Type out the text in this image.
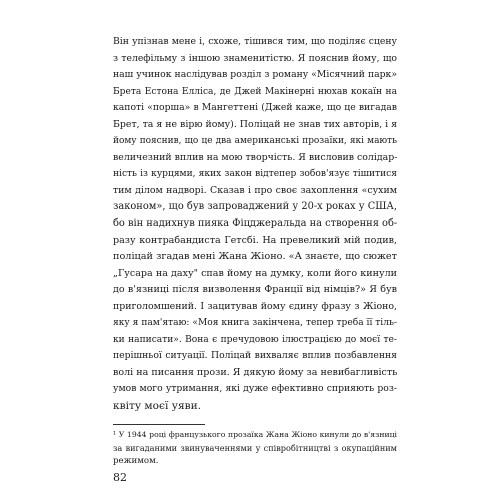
Він упізнав мене і, схоже, тішився тим, що поділяє сцену
з телефільму з іншою знаменитістю. Я пояснив йому, що
наш учинок наслідував розділ з роману «Місячний парк»
Брета Естона Елліса, де Джей Макінерні нюхав кокаїн на
капоті «порша» в Мангеттені (Джей каже, що це вигадав
Брет, та я не вірю йому). Поліцай не знав тих авторів, і я
йому пояснив, що це два американські прозаїки, які мають
величезний вплив на мою творчість. Я висловив солідар-
ність із курцями, яких закон відтепер зобов'язує тішитися
тим ділом надворі. Сказав і про своє захоплення «сухим
законом», що був запроваджений у 20-х роках у США,
бо він надихнув пияка Фіцджеральда на створення об-
разу контрабандиста Гетсбі. На превеликий мій подив,
поліцай згадав мені Жана Жіоно. «А знаєте, що сюжет
„Гусара на даху" спав йому на думку, коли його кинули
до в'язниці після визволення Франції від німців?» Я був
приголомшений. І зацитував йому єдину фразу з Жіоно,
яку я пам'ятаю: «Моя книга закінчена, тепер треба її тіль-
ки написати». Вона є пречудовою ілюстрацією до моєї те-
перішньої ситуації. Поліцай вихваляє вплив позбавлення
волі на писання прози. Я дякую йому за невибагливість
умов мого утримання, які дуже ефективно сприяють роз-
квіту моєї уяви.
¹ У 1944 році французького прозаїка Жана Жіоно кинули до в'язниці
за вигаданими звинуваченнями у співробітництві з окупаційним
режимом.
82
